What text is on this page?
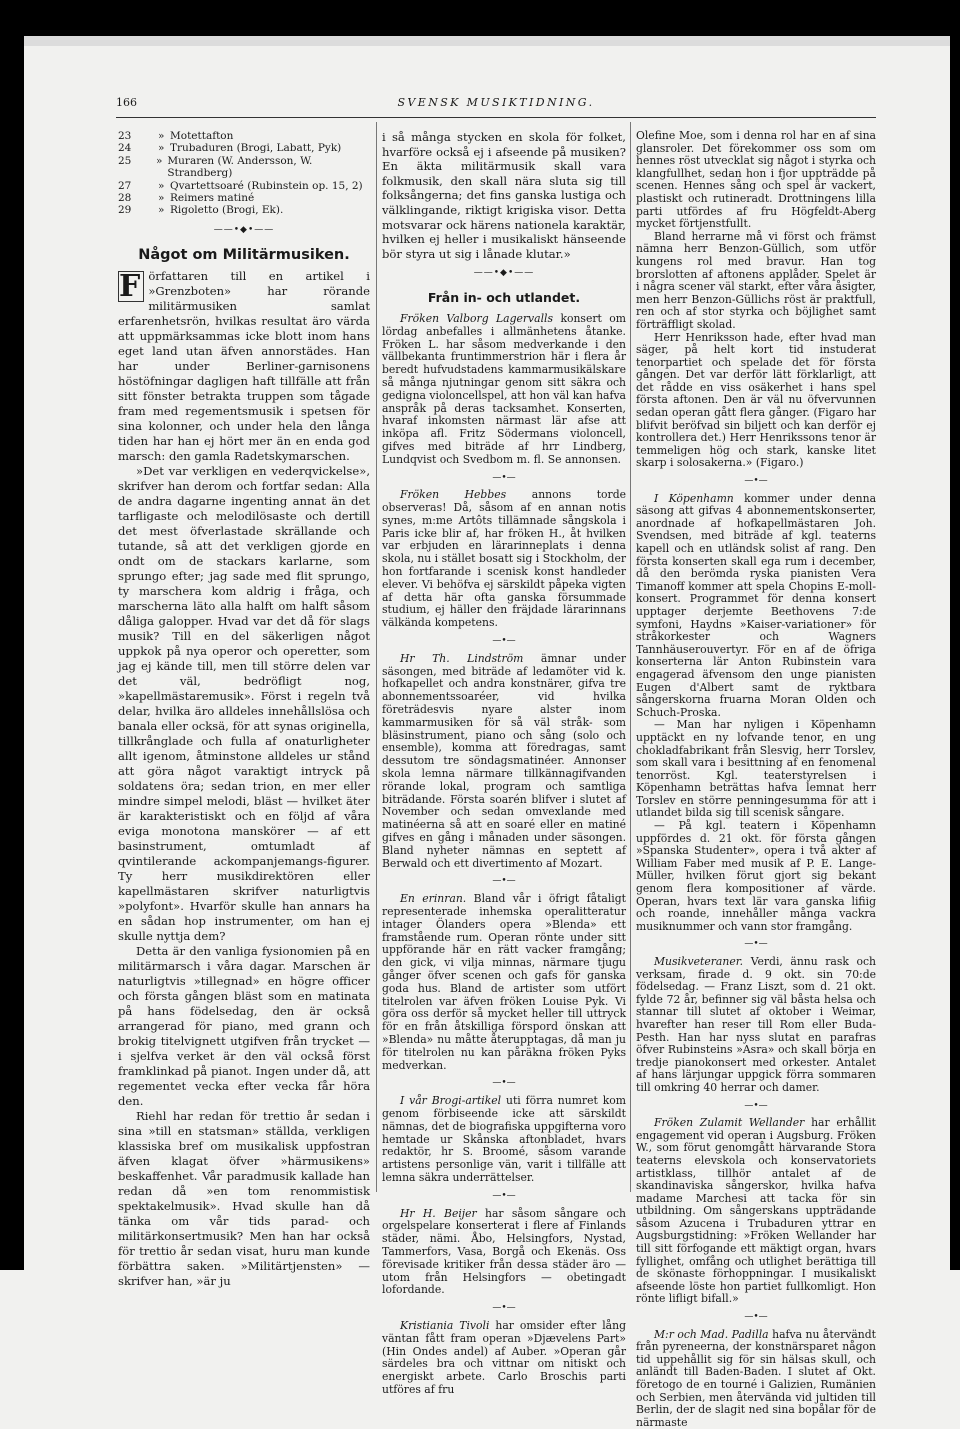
166	SVENSK MUSIKTIDNING.
23	» Motettafton
24	» Trubaduren (Brogi, Labatt, Pyk)
25	» Muraren (W. Andersson, W. Strandberg)
27	» Qvartettsoaré (Rubinstein op. 15, 2)
28	» Reimers matiné
29	» Rigoletto (Brogi, Ek).
——•◆•——
Något om Militärmusiken.

F örfattaren till en artikel i »Grenzboten» har rörande militärmusiken samlat erfarenhetsrön, hvilkas resultat äro värda att uppmärksammas icke blott inom hans eget land utan äfven annorstädes. Han har under Berliner-garnisonens höstöfningar dagligen haft tillfälle att från sitt fönster betrakta truppen som tågade fram med regementsmusik i spetsen för sina kolonner, och under hela den långa tiden har han ej hört mer än en enda god marsch: den gamla Radetskymarschen.

»Det var verkligen en vederqvickelse», skrifver han derom och fortfar sedan: Alla de andra dagarne ingenting annat än det tarfligaste och melodilösaste och dertill det mest öfverlastade skrällande och tutande, så att det verkligen gjorde en ondt om de stackars karlarne, som sprungo efter; jag sade med flit sprungo, ty marschera kom aldrig i fråga, och marscherna läto alla halft om halft såsom dåliga galopper. Hvad var det då för slags musik? Till en del säkerligen något uppkok på nya operor och operetter, som jag ej kände till, men till större delen var det väl, bedröfligt nog, »kapellmästaremusik». Först i regeln två delar, hvilka äro alldeles innehållslösa och banala eller ocksä, för att synas originella, tillkrånglade och fulla af onaturligheter allt igenom, åtminstone alldeles ur stånd att göra något varaktigt intryck på soldatens öra; sedan trion, en mer eller mindre simpel melodi, bläst — hvilket äter är karakteristiskt och en följd af våra eviga monotona manskörer — af ett basinstrument, omtumladt af qvintilerande ackompanjemangs-figurer. Ty herr musikdirektören eller kapellmästaren skrifver naturligtvis »polyfont». Hvarför skulle han annars ha en sådan hop instrumenter, om han ej skulle nyttja dem?

Detta är den vanliga fysionomien på en militärmarsch i våra dagar. Marschen är naturligtvis »tillegnad» en högre officer och första gången bläst som en matinata på hans födelsedag, den är också arrangerad för piano, med grann och brokig titelvignett utgifven från trycket — i sjelfva verket är den väl också först framklinkad på pianot. Ingen under då, att regementet vecka efter vecka får höra den.

Riehl har redan för trettio år sedan i sina »till en statsman» ställda, verkligen klassiska bref om musikalisk uppfostran äfven klagat öfver »härmusikens» beskaffenhet. Vår paradmusik kallade han redan då »en tom renommistisk spektakelmusik». Hvad skulle han då tänka om vår tids parad- och militärkonsertmusik? Men han har också för trettio år sedan visat, huru man kunde förbättra saken. »Militärtjensten» — skrifver han, »är ju

i så många stycken en skola för folket, hvarföre också ej i afseende på musiken? En äkta militärmusik skall vara folkmusik, den skall nära sluta sig till folksångerna; det fins ganska lustiga och välklingande, riktigt krigiska visor. Detta motsvarar ock härens nationela karaktär, hvilken ej heller i musikaliskt hänseende bör styra ut sig i lånade klutar.»

——•◆•——
Från in- och utlandet.

Fröken Valborg Lagervalls konsert om lördag anbefalles i allmänhetens åtanke. Fröken L. har såsom medverkande i den vällbekanta fruntimmerstrion här i flera år beredt hufvudstadens kammarmusikälskare så många njutningar genom sitt säkra och gedigna violoncellspel, att hon väl kan hafva anspråk på deras tacksamhet. Konserten, hvaraf inkomsten närmast lär afse att inköpa afl. Fritz Södermans violoncell, gifves med biträde af hrr Lindberg, Lundqvist och Svedbom m. fl. Se annonsen.

—•—

Fröken Hebbes annons torde observeras! Då, såsom af en annan notis synes, m:me Artôts tillämnade sångskola i Paris icke blir af, har fröken H., åt hvilken var erbjuden en lärarinneplats i denna skola, nu i stället bosatt sig i Stockholm, der hon fortfarande i scenisk konst handleder elever. Vi behöfva ej särskildt påpeka vigten af detta här ofta ganska försummade studium, ej häller den fräjdade lärarinnans välkända kompetens.

—•—

Hr Th. Lindström ämnar under säsongen, med biträde af ledamöter vid k. hofkapellet och andra konstnärer, gifva tre abonnementssoaréer, vid hvilka företrädesvis nyare alster inom kammarmusiken för så väl stråk- som bläsinstrument, piano och sång (solo och ensemble), komma att föredragas, samt dessutom tre söndagsmatinéer. Annonser skola lemna närmare tillkännagifvanden rörande lokal, program och samtliga biträdande. Första soarén blifver i slutet af November och sedan omvexlande med matinéerna så att en soaré eller en matiné gifves en gång i månaden under säsongen. Bland nyheter nämnas en septett af Berwald och ett divertimento af Mozart.

—•—

En erinran. Bland vår i öfrigt fåtaligt representerade inhemska operalitteratur intager Ölanders opera »Blenda» ett framstående rum. Operan rönte under sitt uppförande här en rätt vacker framgång; den gick, vi vilja minnas, närmare tjugu gånger öfver scenen och gafs för ganska goda hus. Bland de artister som utfört titelrolen var äfven fröken Louise Pyk. Vi göra oss derför så mycket heller till uttryck för en från åtskilliga förspord önskan att »Blenda» nu måtte återupptagas, då man ju för titelrolen nu kan påräkna fröken Pyks medverkan.

—•—

I vår Brogi-artikel uti förra numret kom genom förbiseende icke att särskildt nämnas, det de biografiska uppgifterna voro hemtade ur Skånska aftonbladet, hvars redaktör, hr S. Broomé, såsom varande artistens personlige vän, varit i tillfälle att lemna säkra underrättelser.

—•—

Hr H. Beijer har såsom sångare och orgelspelare konserterat i flere af Finlands städer, nämi. Åbo, Helsingfors, Nystad, Tammerfors, Vasa, Borgå och Ekenäs. Oss förevisade kritiker från dessa städer äro — utom från Helsingfors — obetingadt lofordande.

—•—

Kristiania Tivoli har omsider efter lång väntan fått fram operan »Djævelens Part» (Hin Ondes andel) af Auber. »Operan går särdeles bra och vittnar om nitiskt och energiskt arbete. Carlo Broschis parti utföres af fru

Olefine Moe, som i denna rol har en af sina glansroler. Det förekommer oss som om hennes röst utvecklat sig något i styrka och klangfullhet, sedan hon i fjor uppträdde på scenen. Hennes sång och spel är vackert, plastiskt och rutineradt. Drottningens lilla parti utfördes af fru Högfeldt-Aberg mycket förtjenstfullt.

Bland herrarne må vi först och främst nämna herr Benzon-Güllich, som utför kungens rol med bravur. Han tog brorslotten af aftonens applåder. Spelet är i några scener väl starkt, efter våra åsigter, men herr Benzon-Güllichs röst är praktfull, ren och af stor styrka och böjlighet samt förträffligt skolad.

Herr Henriksson hade, efter hvad man säger, på helt kort tid instuderat tenorpartiet och spelade det för första gången. Det var derför lätt förklarligt, att det rådde en viss osäkerhet i hans spel första aftonen. Den är väl nu öfvervunnen sedan operan gått flera gånger. (Figaro har blifvit beröfvad sin biljett och kan derför ej kontrollera det.) Herr Henrikssons tenor är temmeligen hög och stark, kanske litet skarp i solosakerna.» (Figaro.)

—•—

I Köpenhamn kommer under denna säsong att gifvas 4 abonnementskonserter, anordnade af hofkapellmästaren Joh. Svendsen, med biträde af kgl. teaterns kapell och en utländsk solist af rang. Den första konserten skall ega rum i december, då den berömda ryska pianisten Vera Timanoff kommer att spela Chopins E-moll-konsert. Programmet för denna konsert upptager derjemte Beethovens 7:de symfoni, Haydns »Kaiser-variationer» för stråkorkester och Wagners Tannhäuserouvertyr. För en af de öfriga konserterna lär Anton Rubinstein vara engagerad äfvensom den unge pianisten Eugen d'Albert samt de ryktbara sångerskorna fruarna Moran Olden och Schuch-Proska.

— Man har nyligen i Köpenhamn upptäckt en ny lofvande tenor, en ung chokladfabrikant från Slesvig, herr Torslev, som skall vara i besittning af en fenomenal tenorröst. Kgl. teaterstyrelsen i Köpenhamn beträttas hafva lemnat herr Torslev en större penningesumma för att i utlandet bilda sig till scenisk sångare.

— På kgl. teatern i Köpenhamn uppfördes d. 21 okt. för första gången »Spanska Studenter», opera i två akter af William Faber med musik af P. E. Lange-Müller, hvilken förut gjort sig bekant genom flera kompositioner af värde. Operan, hvars text lär vara ganska lifiig och roande, innehåller många vackra musiknummer och vann stor framgång.

—•—

Musikveteraner. Verdi, ännu rask och verksam, firade d. 9 okt. sin 70:de födelsedag. — Franz Liszt, som d. 21 okt. fylde 72 år, befinner sig väl båsta helsa och stannar till slutet af oktober i Weimar, hvarefter han reser till Rom eller Buda-Pesth. Han har nyss slutat en parafras öfver Rubinsteins »Asra» och skall börja en tredje pianokonsert med orkester. Antalet af hans lärjungar uppgick förra sommaren till omkring 40 herrar och damer.

—•—

Fröken Zulamit Wellander har erhållit engagement vid operan i Augsburg. Fröken W., som förut genomgått härvarande Stora teaterns elevskola och konservatoriets artistklass, tillhör antalet af de skandinaviska sångerskor, hvilka hafva madame Marchesi att tacka för sin utbildning. Om sångerskans uppträdande såsom Azucena i Trubaduren yttrar en Augsburgstidning: »Fröken Wellander har till sitt förfogande ett mäktigt organ, hvars fyllighet, omfång och utlighet berättiga till de skönaste förhoppningar. I musikaliskt afseende löste hon partiet fullkomligt. Hon rönte lifligt bifall.»

—•—

M:r och Mad. Padilla hafva nu återvändt från pyreneerna, der konstnärsparet någon tid uppehållit sig för sin hälsas skull, och anländt till Baden-Baden. I slutet af Okt. företogo de en tourné i Galizien, Rumänien och Serbien, men återvända vid jultiden till Berlin, der de slagit ned sina bopålar för de närmaste
